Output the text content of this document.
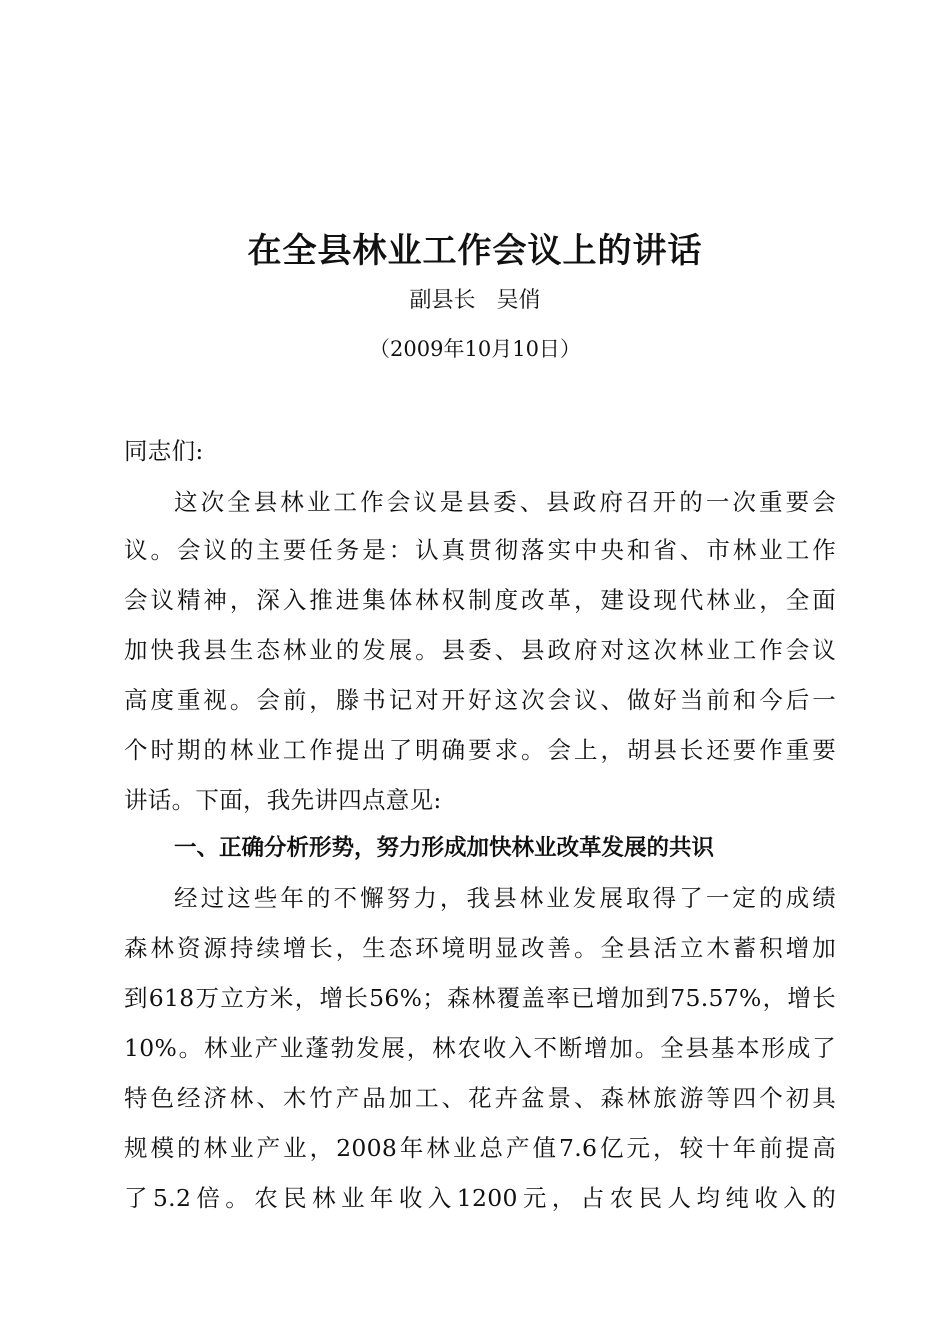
在全县林业工作会议上的讲话
副县长   吴俏
（2009年10月10日）
同志们:
这次全县林业工作会议是县委、县政府召开的一次重要会
议。会议的主要任务是：认真贯彻落实中央和省、市林业工作
会议精神，深入推进集体林权制度改革，建设现代林业，全面
加快我县生态林业的发展。县委、县政府对这次林业工作会议
高度重视。会前，滕书记对开好这次会议、做好当前和今后一
个时期的林业工作提出了明确要求。会上，胡县长还要作重要
讲话。下面，我先讲四点意见:
一、正确分析形势，努力形成加快林业改革发展的共识
经过这些年的不懈努力，我县林业发展取得了一定的成绩
森林资源持续增长，生态环境明显改善。全县活立木蓄积增加
到618万立方米，增长56%；森林覆盖率已增加到75.57%，增长
10%。林业产业蓬勃发展，林农收入不断增加。全县基本形成了
特色经济林、木竹产品加工、花卉盆景、森林旅游等四个初具
规模的林业产业，2008年林业总产值7.6亿元，较十年前提高
了5.2倍。农民林业年收入1200元，占农民人均纯收入的
